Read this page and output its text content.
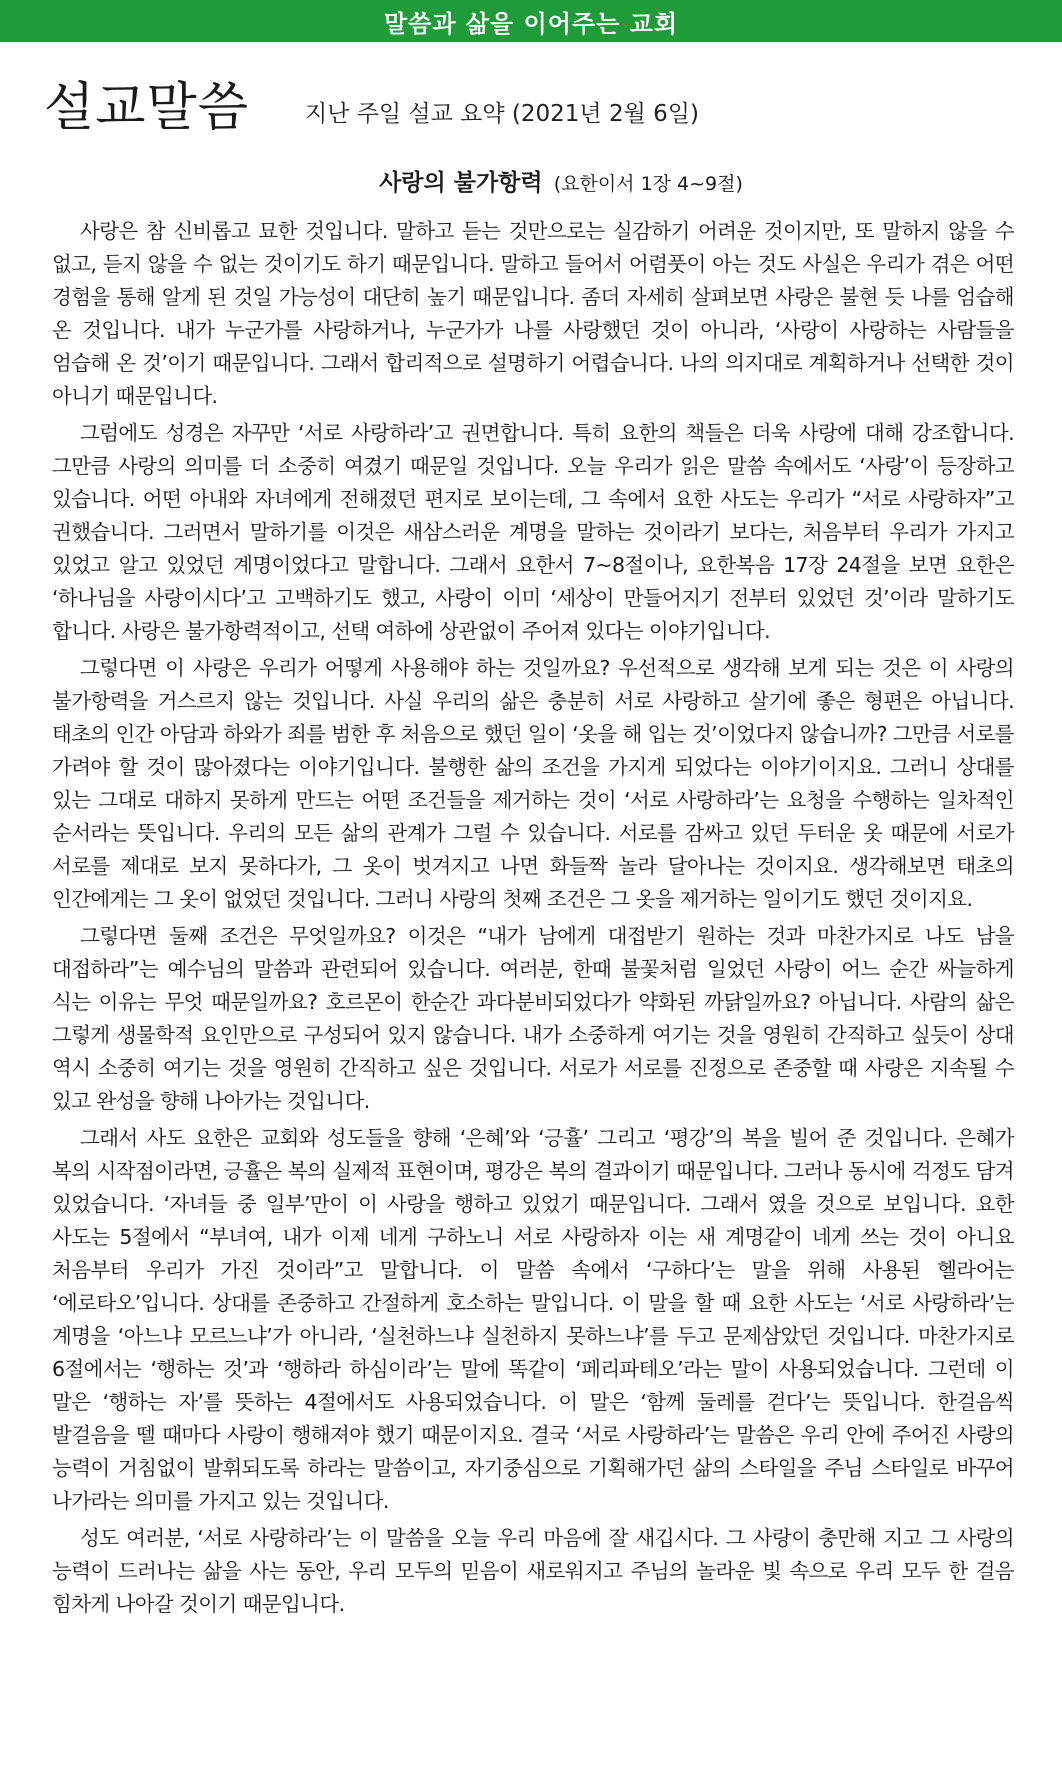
말씀과 삶을 이어주는 교회
설교말씀 지난 주일 설교 요약 (2021년 2월 6일)
사랑의 불가항력 (요한이서 1장 4~9절)

사랑은 참 신비롭고 묘한 것입니다. 말하고 듣는 것만으로는 실감하기 어려운 것이지만, 또 말하지 않을 수 없고, 듣지 않을 수 없는 것이기도 하기 때문입니다. 말하고 들어서 어렴풋이 아는 것도 사실은 우리가 겪은 어떤 경험을 통해 알게 된 것일 가능성이 대단히 높기 때문입니다. 좀더 자세히 살펴보면 사랑은 불현 듯 나를 엄습해 온 것입니다. 내가 누군가를 사랑하거나, 누군가가 나를 사랑했던 것이 아니라, ‘사랑이 사랑하는 사람들을 엄습해 온 것’이기 때문입니다. 그래서 합리적으로 설명하기 어렵습니다. 나의 의지대로 계획하거나 선택한 것이 아니기 때문입니다.

그럼에도 성경은 자꾸만 ‘서로 사랑하라’고 권면합니다. 특히 요한의 책들은 더욱 사랑에 대해 강조합니다. 그만큼 사랑의 의미를 더 소중히 여겼기 때문일 것입니다. 오늘 우리가 읽은 말씀 속에서도 ‘사랑’이 등장하고 있습니다. 어떤 아내와 자녀에게 전해졌던 편지로 보이는데, 그 속에서 요한 사도는 우리가 “서로 사랑하자”고 권했습니다. 그러면서 말하기를 이것은 새삼스러운 계명을 말하는 것이라기 보다는, 처음부터 우리가 가지고 있었고 알고 있었던 계명이었다고 말합니다. 그래서 요한서 7~8절이나, 요한복음 17장 24절을 보면 요한은 ‘하나님을 사랑이시다’고 고백하기도 했고, 사랑이 이미 ‘세상이 만들어지기 전부터 있었던 것’이라 말하기도 합니다. 사랑은 불가항력적이고, 선택 여하에 상관없이 주어져 있다는 이야기입니다.

그렇다면 이 사랑은 우리가 어떻게 사용해야 하는 것일까요? 우선적으로 생각해 보게 되는 것은 이 사랑의 불가항력을 거스르지 않는 것입니다. 사실 우리의 삶은 충분히 서로 사랑하고 살기에 좋은 형편은 아닙니다. 태초의 인간 아담과 하와가 죄를 범한 후 처음으로 했던 일이 ‘옷을 해 입는 것’이었다지 않습니까? 그만큼 서로를 가려야 할 것이 많아졌다는 이야기입니다. 불행한 삶의 조건을 가지게 되었다는 이야기이지요. 그러니 상대를 있는 그대로 대하지 못하게 만드는 어떤 조건들을 제거하는 것이 ‘서로 사랑하라’는 요청을 수행하는 일차적인 순서라는 뜻입니다. 우리의 모든 삶의 관계가 그럴 수 있습니다. 서로를 감싸고 있던 두터운 옷 때문에 서로가 서로를 제대로 보지 못하다가, 그 옷이 벗겨지고 나면 화들짝 놀라 달아나는 것이지요. 생각해보면 태초의 인간에게는 그 옷이 없었던 것입니다. 그러니 사랑의 첫째 조건은 그 옷을 제거하는 일이기도 했던 것이지요.

그렇다면 둘째 조건은 무엇일까요? 이것은 “내가 남에게 대접받기 원하는 것과 마찬가지로 나도 남을 대접하라”는 예수님의 말씀과 관련되어 있습니다. 여러분, 한때 불꽃처럼 일었던 사랑이 어느 순간 싸늘하게 식는 이유는 무엇 때문일까요? 호르몬이 한순간 과다분비되었다가 약화된 까닭일까요? 아닙니다. 사람의 삶은 그렇게 생물학적 요인만으로 구성되어 있지 않습니다. 내가 소중하게 여기는 것을 영원히 간직하고 싶듯이 상대 역시 소중히 여기는 것을 영원히 간직하고 싶은 것입니다. 서로가 서로를 진정으로 존중할 때 사랑은 지속될 수 있고 완성을 향해 나아가는 것입니다.

그래서 사도 요한은 교회와 성도들을 향해 ‘은혜’와 ‘긍휼’ 그리고 ‘평강’의 복을 빌어 준 것입니다. 은혜가 복의 시작점이라면, 긍휼은 복의 실제적 표현이며, 평강은 복의 결과이기 때문입니다. 그러나 동시에 걱정도 담겨 있었습니다. ‘자녀들 중 일부’만이 이 사랑을 행하고 있었기 때문입니다. 그래서 였을 것으로 보입니다. 요한 사도는 5절에서 “부녀여, 내가 이제 네게 구하노니 서로 사랑하자 이는 새 계명같이 네게 쓰는 것이 아니요 처음부터 우리가 가진 것이라”고 말합니다. 이 말씀 속에서 ‘구하다’는 말을 위해 사용된 헬라어는 ‘에로타오’입니다. 상대를 존중하고 간절하게 호소하는 말입니다. 이 말을 할 때 요한 사도는 ‘서로 사랑하라’는 계명을 ‘아느냐 모르느냐’가 아니라, ‘실천하느냐 실천하지 못하느냐’를 두고 문제삼았던 것입니다. 마찬가지로 6절에서는 ‘행하는 것’과 ‘행하라 하심이라’는 말에 똑같이 ‘페리파테오’라는 말이 사용되었습니다. 그런데 이 말은 ‘행하는 자’를 뜻하는 4절에서도 사용되었습니다. 이 말은 ‘함께 둘레를 걷다’는 뜻입니다. 한걸음씩 발걸음을 뗄 때마다 사랑이 행해져야 했기 때문이지요. 결국 ‘서로 사랑하라’는 말씀은 우리 안에 주어진 사랑의 능력이 거침없이 발휘되도록 하라는 말씀이고, 자기중심으로 기획해가던 삶의 스타일을 주님 스타일로 바꾸어 나가라는 의미를 가지고 있는 것입니다.

성도 여러분, ‘서로 사랑하라’는 이 말씀을 오늘 우리 마음에 잘 새깁시다. 그 사랑이 충만해 지고 그 사랑의 능력이 드러나는 삶을 사는 동안, 우리 모두의 믿음이 새로워지고 주님의 놀라운 빛 속으로 우리 모두 한 걸음 힘차게 나아갈 것이기 때문입니다.
